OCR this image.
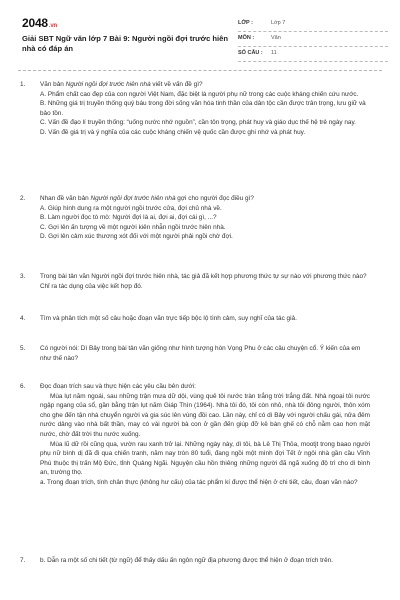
2048.vn
Giải SBT Ngữ văn lớp 7 Bài 9: Người ngồi đợi trước hiên nhà có đáp án
LỚP :	Lớp 7
MÔN :	Văn
SỐ CÂU : 11
1.	Văn bản Người ngồi đợi trước hiên nhà viết về vấn đề gì?

A. Phẩm chất cao đẹp của con người Việt Nam, đặc biệt là người phụ nữ trong các cuộc kháng chiến cứu nước.

B. Những giá trị truyền thống quý báu trong đời sống văn hóa tinh thần của dân tộc cần được trân trọng, lưu giữ và bảo tồn.

C. Vấn đề đạo lí truyền thống: “uống nước nhớ nguồn”, cần tôn trọng, phát huy và giáo dục thế hệ trẻ ngày nay.

D. Vấn đề giá trị và ý nghĩa của các cuộc kháng chiến vệ quốc cần được ghi nhớ và phát huy.

2.	Nhan đề văn bản Người ngồi đợi trước hiên nhà gợi cho người đọc điều gì?

A. Giúp hình dung ra một người ngồi trước cửa, đợi chủ nhà về.

B. Làm người đọc tò mò: Người đợi là ai, đợi ai, đợi cái gì, ...?

C. Gợi lên ấn tượng về một người kiên nhẫn ngồi trước hiên nhà.

D. Gợi lên cảm xúc thương xót đối với một người phải ngồi chờ đợi.

3.	Trong bài tản văn Người ngồi đợi trước hiên nhà, tác giả đã kết hợp phương thức tự sự nào với phương thức nào? Chỉ ra tác dụng của việc kết hợp đó.

4.	Tìm và phân tích một số câu hoặc đoạn văn trực tiếp bộc lộ tình cảm, suy nghĩ của tác giả.

5.	Có người nói: Dì Bảy trong bài tản văn giống như hình tượng hòn Vọng Phu ở các câu chuyện cổ. Ý kiến của em như thế nào?

6.	Đọc đoạn trích sau và thực hiện các yêu cầu bên dưới:

Mùa lụt năm ngoái, sau những trận mưa dữ dội, vùng quê tôi nước tràn trắng trời trắng đất. Nhà ngoại tôi nước ngập ngang của sổ, gần bằng trận lụt năm Giáp Thìn (1964). Nhà tôi đó, tôi còn nhỏ, nhà tôi đông người, thôn xóm cho ghe đến tận nhà chuyển người và gia súc lên vùng đồi cao. Lần này, chỉ có dì Bảy với người chấu gái, nửa đêm nước dâng vào nhà bất thần, may có vài người bà con ở gần đến giúp đỡ kê bàn ghế có chỗ nằm cao hơn mặt nước, chờ đất trời thu nước xuống.

Mùa lũ dữ rồi cũng qua, vườn rau xanh trở lại. Những ngày này, dì tôi, bà Lê Thị Thỏa, mootjt trong baao người phụ nữ bình dị đã đi qua chiến tranh, năm nay tròn 80 tuổi, đang ngồi một mình đợi Tết ở ngôi nhà gần cầu Vĩnh Phú thuộc thị trấn Mộ Đức, tỉnh Quảng Ngãi. Nguyện cầu hồn thiêng những người đã ngã xuống độ trì cho dì bình an, trường thọ.

a. Trong đoạn trích, tính chân thực (không hư cấu) của tác phẩm kí được thể hiện ở chi tiết, câu, đoạn văn nào?

7.	b. Dẫn ra một số chi tiết (từ ngữ) để thấy dấu ấn ngôn ngữ địa phương được thể hiện ở đoạn trích trên.
